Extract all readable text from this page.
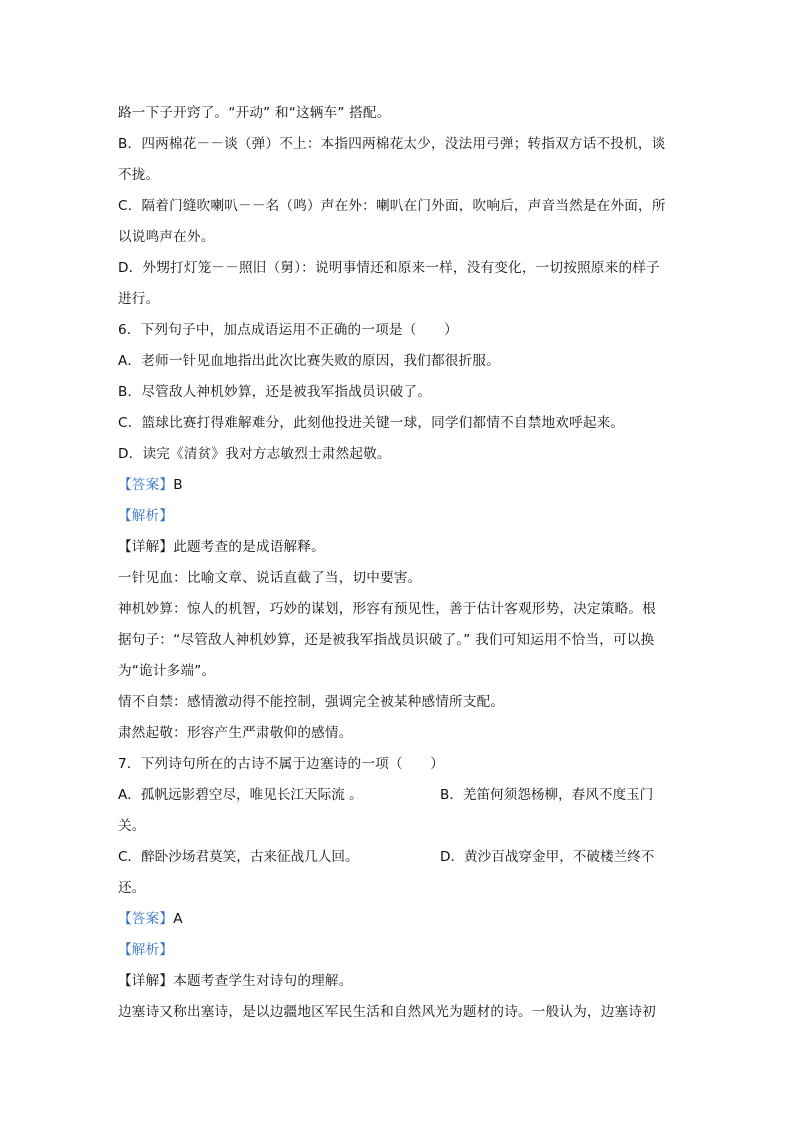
路一下子开窍了。“开动” 和“这辆车” 搭配。
B．四两棉花－－谈（弹）不上：本指四两棉花太少，没法用弓弹；转指双方话不投机，谈
不拢。
C．隔着门缝吹喇叭－－名（鸣）声在外：喇叭在门外面，吹响后，声音当然是在外面，所
以说鸣声在外。
D．外甥打灯笼－－照旧（舅）：说明事情还和原来一样，没有变化，一切按照原来的样子
进行。
6．下列句子中，加点成语运用不正确的一项是（　　）
A．老师一针见血地指出此次比赛失败的原因，我们都很折服。
B．尽管敌人神机妙算，还是被我军指战员识破了。
C．篮球比赛打得难解难分，此刻他投进关键一球，同学们都情不自禁地欢呼起来。
D．读完《清贫》我对方志敏烈士肃然起敬。
【答案】B
【解析】
【详解】此题考查的是成语解释。
一针见血：比喻文章、说话直截了当，切中要害。
神机妙算：惊人的机智，巧妙的谋划，形容有预见性，善于估计客观形势，决定策略。根
据句子：“尽管敌人神机妙算，还是被我军指战员识破了。” 我们可知运用不恰当，可以换
为“诡计多端”。
情不自禁：感情激动得不能控制，强调完全被某种感情所支配。
肃然起敬：形容产生严肃敬仰的感情。
7．下列诗句所在的古诗不属于边塞诗的一项（　　）
A．孤帆远影碧空尽，唯见长江天际流 。	B．羌笛何须怨杨柳，春风不度玉门
关。
C．醉卧沙场君莫笑，古来征战几人回。	D．黄沙百战穿金甲，不破楼兰终不
还。
【答案】A
【解析】
【详解】本题考查学生对诗句的理解。
边塞诗又称出塞诗，是以边疆地区军民生活和自然风光为题材的诗。一般认为，边塞诗初
